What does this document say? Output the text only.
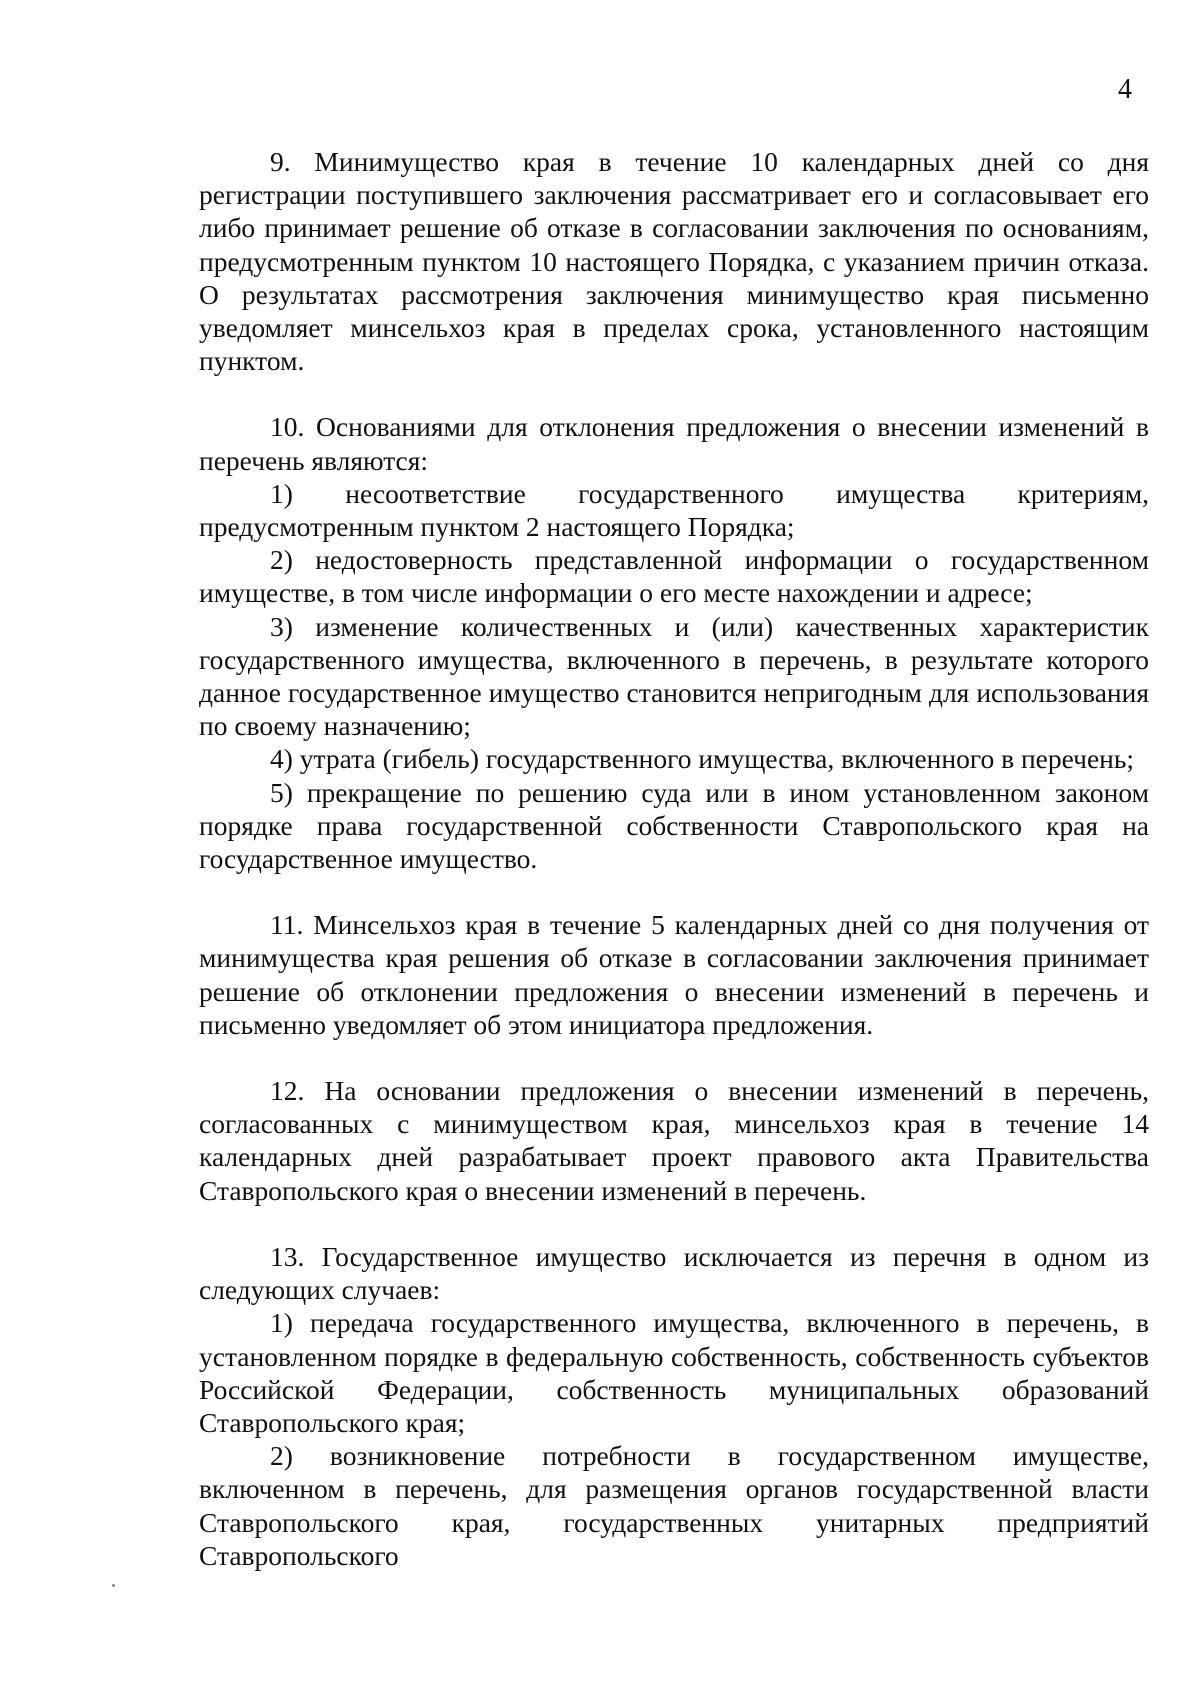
4

9. Минимущество края в течение 10 календарных дней со дня регистрации поступившего заключения рассматривает его и согласовывает его либо принимает решение об отказе в согласовании заключения по основаниям, предусмотренным пунктом 10 настоящего Порядка, с указанием причин отказа. О результатах рассмотрения заключения минимущество края письменно уведомляет минсельхоз края в пределах срока, установленного настоящим пунктом.

10. Основаниями для отклонения предложения о внесении изменений в перечень являются:

1) несоответствие государственного имущества критериям, предусмотренным пунктом 2 настоящего Порядка;

2) недостоверность представленной информации о государственном имуществе, в том числе информации о его месте нахождении и адресе;

3) изменение количественных и (или) качественных характеристик государственного имущества, включенного в перечень, в результате которого данное государственное имущество становится непригодным для использования по своему назначению;

4) утрата (гибель) государственного имущества, включенного в перечень;

5) прекращение по решению суда или в ином установленном законом порядке права государственной собственности Ставропольского края на государственное имущество.

11. Минсельхоз края в течение 5 календарных дней со дня получения от минимущества края решения об отказе в согласовании заключения принимает решение об отклонении предложения о внесении изменений в перечень и письменно уведомляет об этом инициатора предложения.

12. На основании предложения о внесении изменений в перечень, согласованных с минимуществом края, минсельхоз края в течение 14 календарных дней разрабатывает проект правового акта Правительства Ставропольского края о внесении изменений в перечень.

13. Государственное имущество исключается из перечня в одном из следующих случаев:

1) передача государственного имущества, включенного в перечень, в установленном порядке в федеральную собственность, собственность субъектов Российской Федерации, собственность муниципальных образований Ставропольского края;

2) возникновение потребности в государственном имуществе, включенном в перечень, для размещения органов государственной власти Ставропольского края, государственных унитарных предприятий Ставропольского
